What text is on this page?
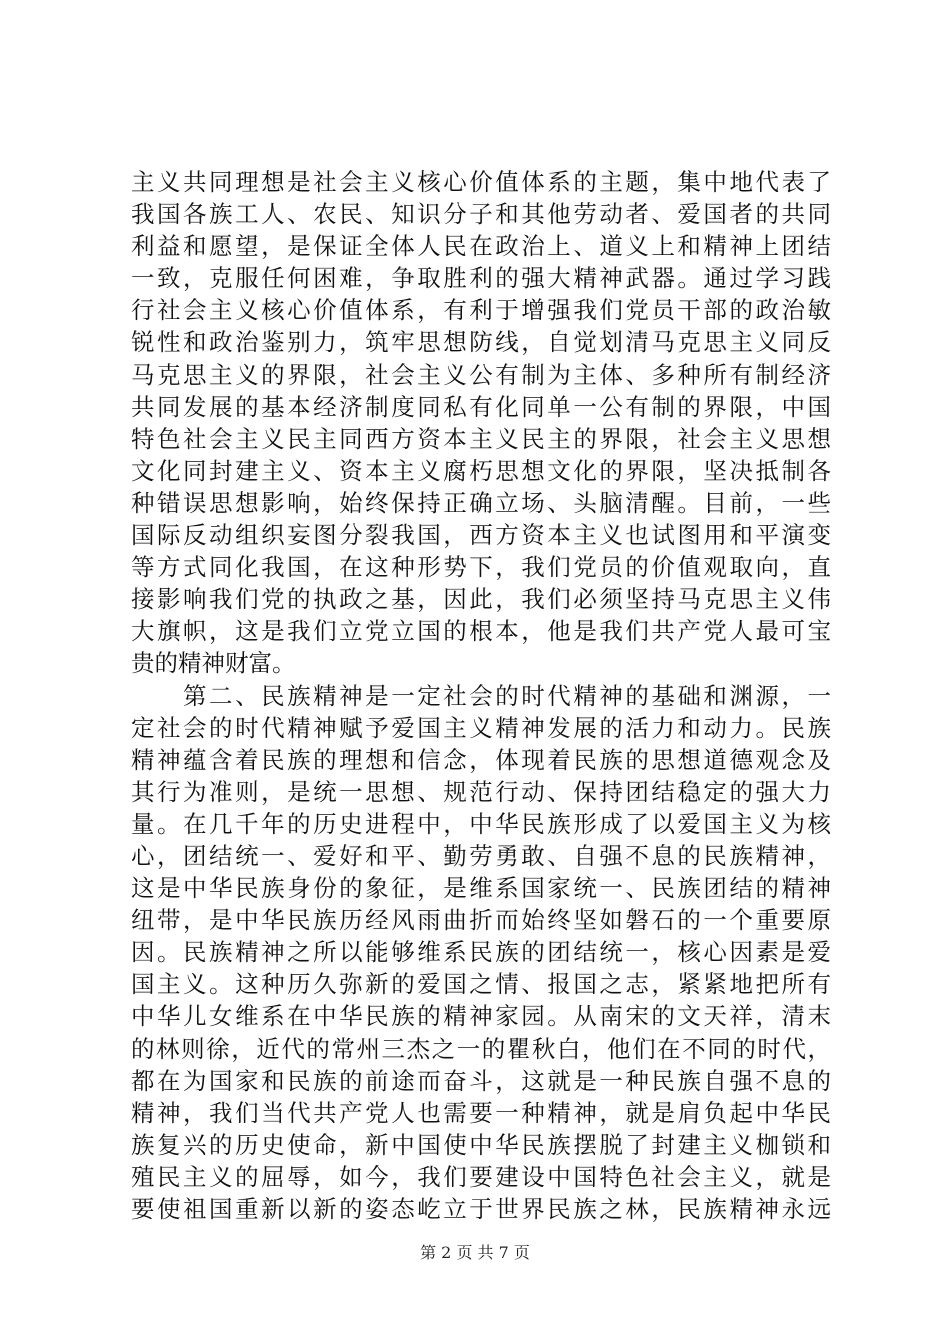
主义共同理想是社会主义核心价值体系的主题，集中地代表了
我国各族工人、农民、知识分子和其他劳动者、爱国者的共同
利益和愿望，是保证全体人民在政治上、道义上和精神上团结
一致，克服任何困难，争取胜利的强大精神武器。通过学习践
行社会主义核心价值体系，有利于增强我们党员干部的政治敏
锐性和政治鉴别力，筑牢思想防线，自觉划清马克思主义同反
马克思主义的界限，社会主义公有制为主体、多种所有制经济
共同发展的基本经济制度同私有化同单一公有制的界限，中国
特色社会主义民主同西方资本主义民主的界限，社会主义思想
文化同封建主义、资本主义腐朽思想文化的界限，坚决抵制各
种错误思想影响，始终保持正确立场、头脑清醒。目前，一些
国际反动组织妄图分裂我国，西方资本主义也试图用和平演变
等方式同化我国，在这种形势下，我们党员的价值观取向，直
接影响我们党的执政之基，因此，我们必须坚持马克思主义伟
大旗帜，这是我们立党立国的根本，他是我们共产党人最可宝
贵的精神财富。
　　第二、民族精神是一定社会的时代精神的基础和渊源，一
定社会的时代精神赋予爱国主义精神发展的活力和动力。民族
精神蕴含着民族的理想和信念，体现着民族的思想道德观念及
其行为准则，是统一思想、规范行动、保持团结稳定的强大力
量。在几千年的历史进程中，中华民族形成了以爱国主义为核
心，团结统一、爱好和平、勤劳勇敢、自强不息的民族精神，
这是中华民族身份的象征，是维系国家统一、民族团结的精神
纽带，是中华民族历经风雨曲折而始终坚如磐石的一个重要原
因。民族精神之所以能够维系民族的团结统一，核心因素是爱
国主义。这种历久弥新的爱国之情、报国之志，紧紧地把所有
中华儿女维系在中华民族的精神家园。从南宋的文天祥，清末
的林则徐，近代的常州三杰之一的瞿秋白，他们在不同的时代，
都在为国家和民族的前途而奋斗，这就是一种民族自强不息的
精神，我们当代共产党人也需要一种精神，就是肩负起中华民
族复兴的历史使命，新中国使中华民族摆脱了封建主义枷锁和
殖民主义的屈辱，如今，我们要建设中国特色社会主义，就是
要使祖国重新以新的姿态屹立于世界民族之林，民族精神永远
第 2 页 共 7 页
